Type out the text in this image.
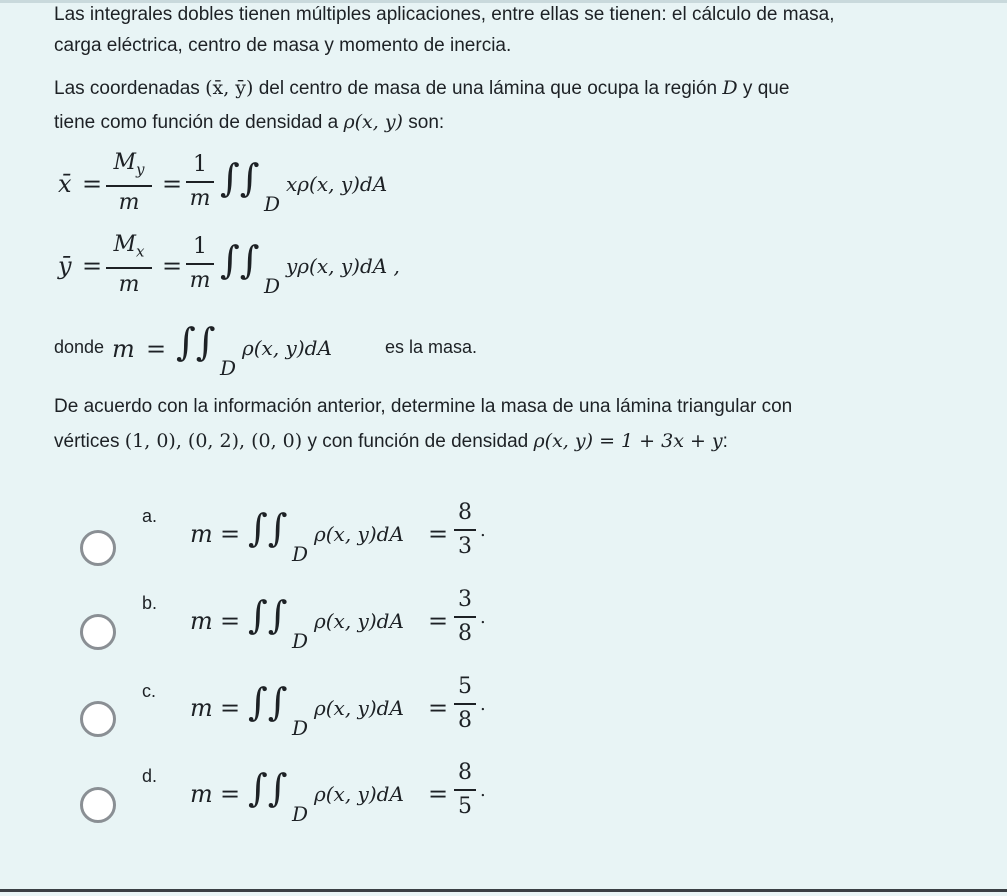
Las integrales dobles tienen múltiples aplicaciones, entre ellas se tienen: el cálculo de masa,
carga eléctrica, centro de masa y momento de inercia.
Las coordenadas (x̄, ȳ) del centro de masa de una lámina que ocupa la región D y que
tiene como función de densidad a ρ(x, y) son:
x̄ =
$M_y$
m
=
1
m ∫∫
D
xρ(x, y)dA
ȳ =
$M_x$
m
=
1
m ∫∫
D
yρ(x, y)dA ,
donde m = ∫∫
D
ρ(x, y)dA	es la masa.
De acuerdo con la información anterior, determine la masa de una lámina triangular con
vértices (1, 0), (0, 2), (0, 0) y con función de densidad ρ(x, y) = 1 + 3x + y:
a.
m = ∫∫
D
ρ(x, y)dA =
8
3
.
b.
m = ∫∫
D
ρ(x, y)dA =
3
8
.
c.
m = ∫∫
D
ρ(x, y)dA =
5
8
.
d.
m = ∫∫
D
ρ(x, y)dA =
8
5
.
